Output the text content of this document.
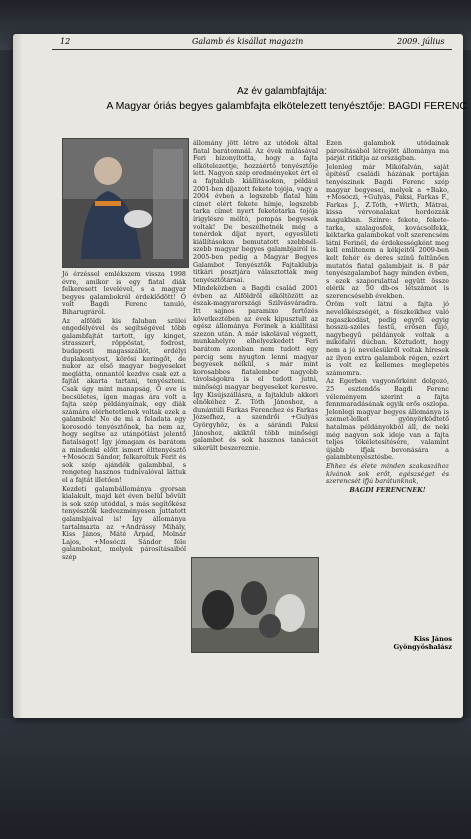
12	Galamb és kisállat magazin	2009. július
Az év galambfajtája:
A Magyar óriás begyes galambfajta elkötelezett tenyésztője: BAGDI FERENC

Jó érzéssel emlékszem vissza 1998 évre, amikor is egy fiatal diák felkeresett levelével, s a magyar begyes galambokról érdeklődött! Ő volt Bagdi Ferenc tanuló, Biharugráról.

Az alföldi kis faluban szülei engedélyével és segítségével több galambfajtát tartott, így kinget, strasszert, röppöstat, fodrost, budapesti magasszállót, erdélyi duplakontyost, körösi keringőt, de nukor az első magyar begyeseket meglátta, onnantól kezdve csak ezt a fajtát akarta tartani, tenyészteni. Csak úgy mint manapság, Ő eve is becsületes, ígen magas ára volt a fajta szép példányainak, egy diák számára elérhetetlenek voltak ezek a galambok! No de mi a feladata egy korosodó tenyésztőnek, ha nem az, hogy segítse az utánpótlást jelentő fiatalságot! Így jómagam és barátom a mindenki előtt ismert élttenyésztő +Mosóczi Sándor, felkaroltuk Ferit és sok szép ajándék galambbal, s rengeteg hasznos tudnivalóval láttuk el a fajtát illetően!

Kezdeti galambállománya gyorsan kialakult, majd két éven belül bővült is sok szép utóddal, s más segítőkész tenyésztők kedvezményesen juttatott galambjaival is! Így állománya tartalmazta az +Andrássy Mihály, Kiss János, Máté Árpád, Molnár Lajos, +Mosóczi Sándor féle galambokat, melyek párosításaiból szép

állomány jött létre az utódok által fiatal barátomnál. Az évek múlásával Feri bizonyította, hogy a fajta elkötelezettje, hozzáértő tenyésztője lett. Nagyon szép eredményeket ért el a fajtaklub kiállításokon, például 2001-ben díjazott fekete tojója, vagy a 2004 évben a legszebb fiatal hím címet elért fekete hímje, legszebb tarka címet nyert feketetarka tojója írigylésre méltó, pompás begyesek voltak! De beszélhetnék még a tenérdek díjat nyert, egyesületi kiállításokon bemutatott szebbnél-szebb magyar begyes galambjairól is. 2005-ben pedig a Magyar Begyes Galambot Tenyésztők Fajtaklubja titkári posztjára választottak meg tenyésztőtársai.

Mindeközben a Bagdi család 2001 évben az Alföldről elköltözött az észak-magyarországi Szilvásváradra. Itt sajnos paramixo fertőzés következtében az évek kipusztult az egész állománya Ferinek a kiállítási szezon után. A már iskolával végzett, munkahelyre elhelyezkedett Feri barátom azonban nem tudott egy percig sem nyugton lenni magyar begyesek nélkül, s már mint korosabbos fiatalember nagyobb távolságokra is el tudott jutni, minőségi magyar begyeseket keresve. Így Kisújszállásra, a fajtaklub akkori elnökéhez Z. Tóth Jánoshoz, a dunántúli Farkas Ferenchez és Farkas Józsefhez, a szendrői +Gulyás Györgyhöz, és a sárándi Paksi Jánoshoz, akiktől több minőségi galambot és sok hasznos tanácsot sikerült beszereznie.

Ezen galambok utódainak párosításából létrejött állománya ma párját ritkítja az országban.

Jelenleg már Mikófalván, saját építésű családi házának portáján tenyészinek Bagdi Ferenc szép magyar begyesei, melyek a +Bako, +Mosóczi, +Gulyás, Paksi, Farkas F., Farkas J., Z.Tóth, +Wirth, Mátrai, kissa vérvonalakat hordozzák magukban. Színre: fekete, fekete-tarka, szalagosfek, kovácsolfekk, kéktarka galambokat volt szerencsém látni Ferinél, de érdekességként meg kell említenem a kékjeitől 2009-ben kelt fehér és deres színű feltűnően mutatós fiatal galambjait is. 8 pár tenyészgalambot hagy minden évben, s ezek szaporulattal együtt össze elérik az 50 db-os létszámot is szerencsésebb években.

Öröm volt látni a fajta jó nevelőkészségét, a fészkeikhez való ragaszkodást, pedig egyről egyig hosszú-széles testű, erősen fújó, nagybegyű példányok voltak a mikófalvi dúcban. Köztudott, hogy nem a jó nevelésükről voltak híresek az ilyen extra galambok régen, ezért is volt ez kellemes meglepetés számomra.

Az Egerben vagyonőrként dolgozó, 25 esztendős Bagdi Ferenc véleményem szerint a fajta fennmaradásának egyik erős oszlopa. Jelenlegi magyar begyes állománya is szemet-lelket gyönyörködtető hatalmas példányokból áll, de neki még nagyon sok ideje van a fajta teljes tökéletesítésére, valamint újabb ifjak bevonására a galambtenyésztésbe.

Ehhez és élete minden szakaszához kívánok sok erőt, egészséget és szerencsét ifjú barátunknak,

BAGDI FERENCNEK!

Kiss János
Gyöngyöshalász
